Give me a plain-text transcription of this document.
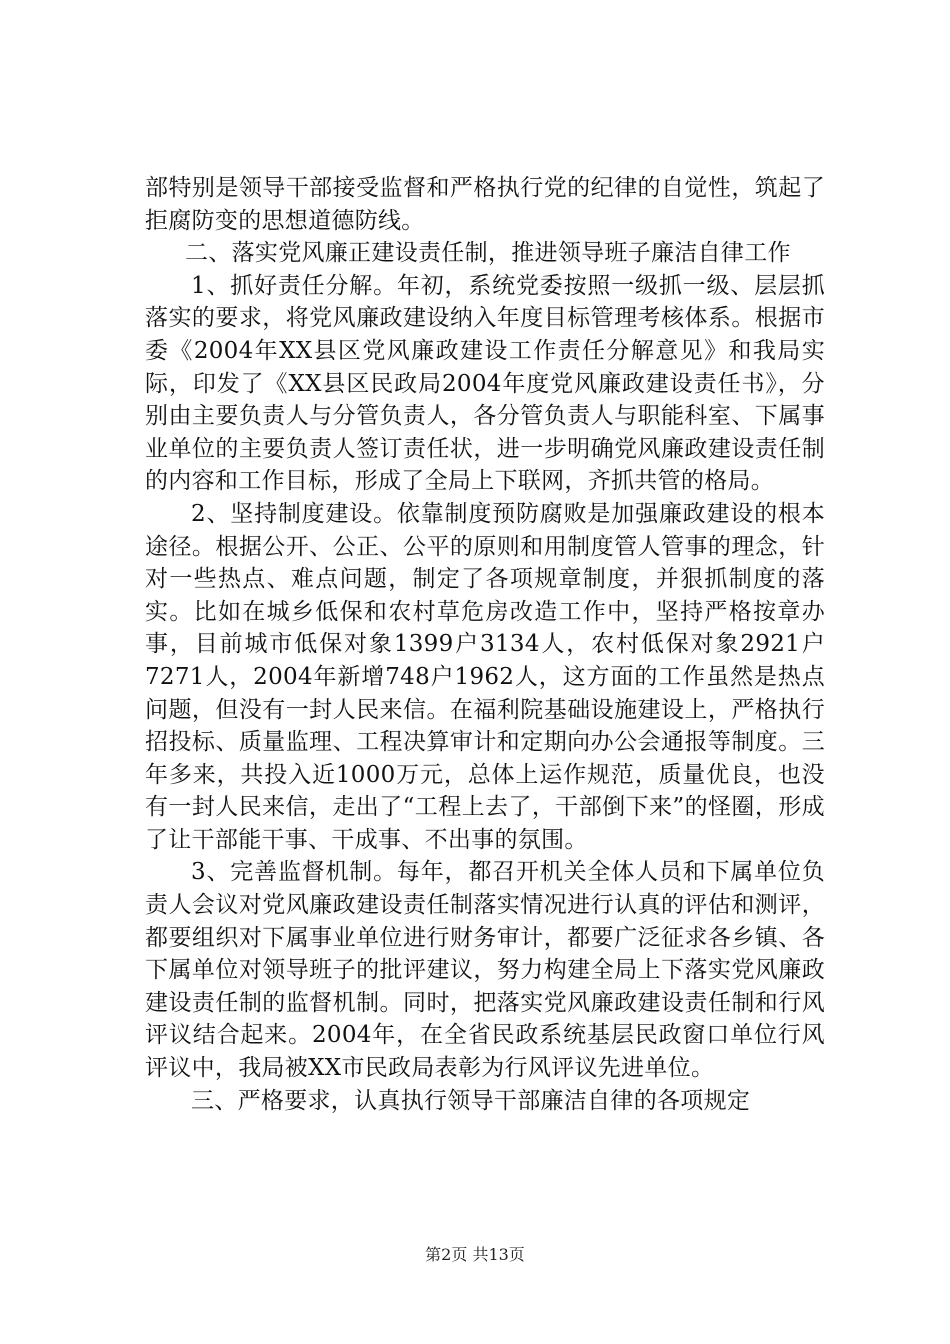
部特别是领导干部接受监督和严格执行党的纪律的自觉性，筑起了拒腐防变的思想道德防线。

二、落实党风廉正建设责任制，推进领导班子廉洁自律工作

1、抓好责任分解。年初，系统党委按照一级抓一级、层层抓落实的要求，将党风廉政建设纳入年度目标管理考核体系。根据市委《2004年XX县区党风廉政建设工作责任分解意见》和我局实际，印发了《XX县区民政局2004年度党风廉政建设责任书》，分别由主要负责人与分管负责人，各分管负责人与职能科室、下属事业单位的主要负责人签订责任状，进一步明确党风廉政建设责任制的内容和工作目标，形成了全局上下联网，齐抓共管的格局。

2、坚持制度建设。依靠制度预防腐败是加强廉政建设的根本途径。根据公开、公正、公平的原则和用制度管人管事的理念，针对一些热点、难点问题，制定了各项规章制度，并狠抓制度的落实。比如在城乡低保和农村草危房改造工作中，坚持严格按章办事，目前城市低保对象1399户3134人，农村低保对象2921户7271人，2004年新增748户1962人，这方面的工作虽然是热点问题，但没有一封人民来信。在福利院基础设施建设上，严格执行招投标、质量监理、工程决算审计和定期向办公会通报等制度。三年多来，共投入近1000万元，总体上运作规范，质量优良，也没有一封人民来信，走出了“工程上去了，干部倒下来”的怪圈，形成了让干部能干事、干成事、不出事的氛围。

3、完善监督机制。每年，都召开机关全体人员和下属单位负责人会议对党风廉政建设责任制落实情况进行认真的评估和测评，都要组织对下属事业单位进行财务审计，都要广泛征求各乡镇、各下属单位对领导班子的批评建议，努力构建全局上下落实党风廉政建设责任制的监督机制。同时，把落实党风廉政建设责任制和行风评议结合起来。2004年，在全省民政系统基层民政窗口单位行风评议中，我局被XX市民政局表彰为行风评议先进单位。

三、严格要求，认真执行领导干部廉洁自律的各项规定

第2页 共13页
